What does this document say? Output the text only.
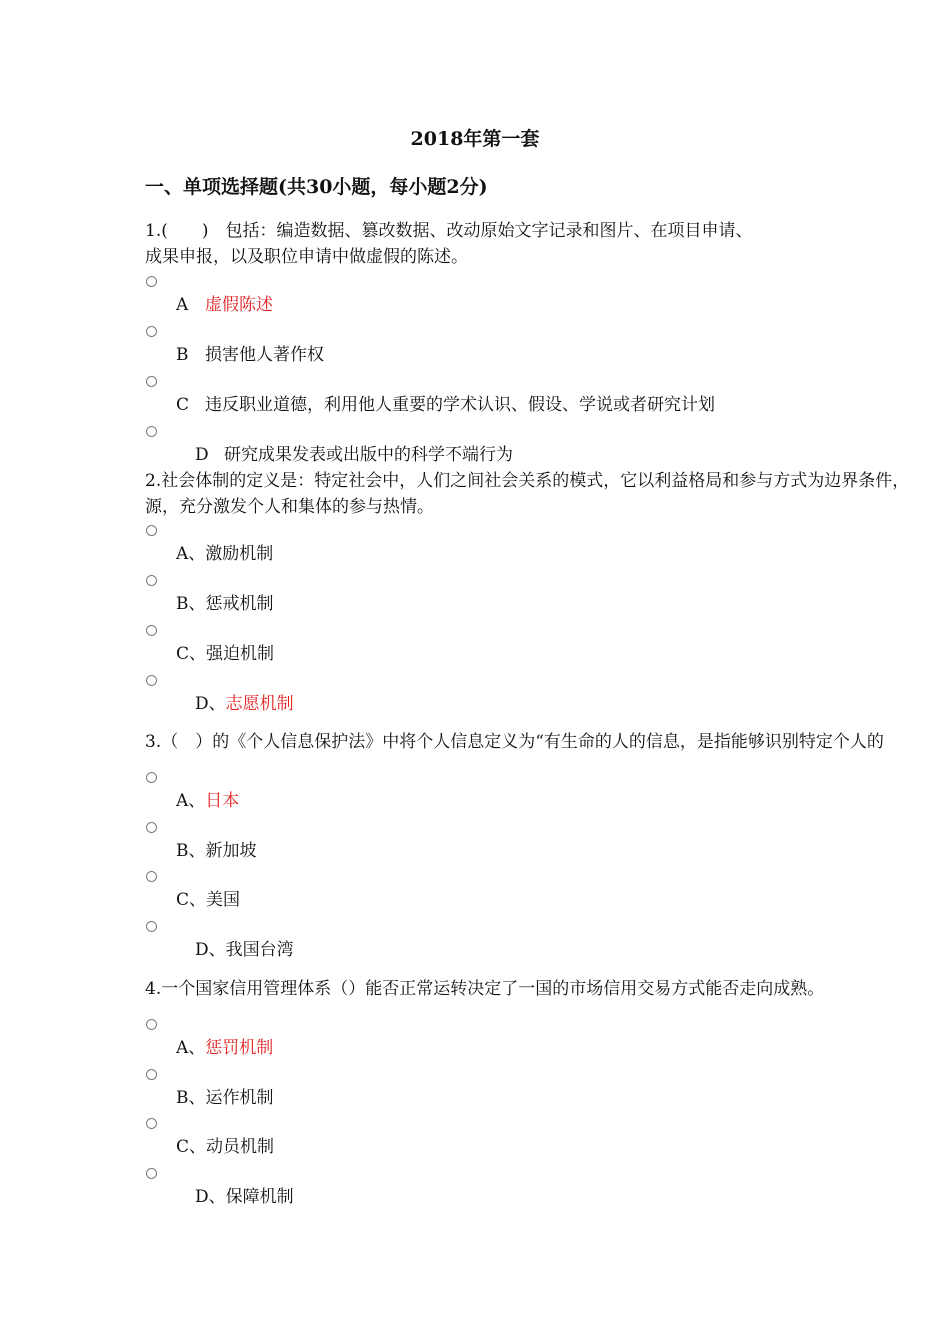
2018年第一套
一、单项选择题(共30小题，每小题2分)
1.(　　)　包括：编造数据、篡改数据、改动原始文字记录和图片、在项目申请、
成果申报，以及职位申请中做虚假的陈述。
A 虚假陈述
B 损害他人著作权
C 违反职业道德，利用他人重要的学术认识、假设、学说或者研究计划
D 研究成果发表或出版中的科学不端行为
2.社会体制的定义是：特定社会中，人们之间社会关系的模式，它以利益格局和参与方式为边界条件，
源，充分激发个人和集体的参与热情。
A、激励机制
B、惩戒机制
C、强迫机制
D、志愿机制
3.（　）的《个人信息保护法》中将个人信息定义为“有生命的人的信息，是指能够识别特定个人的
A、日本
B、新加坡
C、美国
D、我国台湾
4.一个国家信用管理体系（）能否正常运转决定了一国的市场信用交易方式能否走向成熟。
A、惩罚机制
B、运作机制
C、动员机制
D、保障机制
